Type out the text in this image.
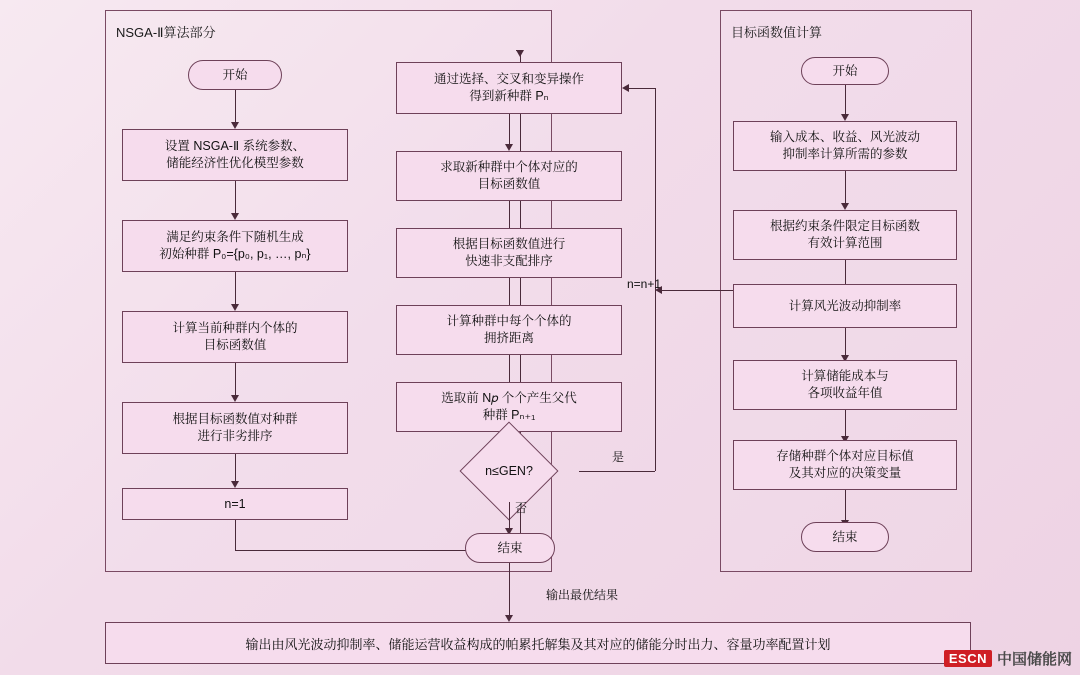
NSGA-Ⅱ算法部分	目标函数值计算
开始
设置 NSGA-Ⅱ 系统参数、
储能经济性优化模型参数
满足约束条件下随机生成
初始种群 P₀={p₀, p₁, …, pₙ}
计算当前种群内个体的
目标函数值
根据目标函数值对种群
进行非劣排序
n=1
通过选择、交叉和变异操作
得到新种群 Pₙ
求取新种群中个体对应的
目标函数值
根据目标函数值进行
快速非支配排序
计算种群中每个个体的
拥挤距离
选取前 N𝑝 个个产生父代
种群 Pₙ₊₁
n≤GEN?
是
n=n+1
否
结束
输出最优结果
开始
输入成本、收益、风光波动
抑制率计算所需的参数
根据约束条件限定目标函数
有效计算范围
计算风光波动抑制率
计算储能成本与
各项收益年值
存储种群个体对应目标值
及其对应的决策变量
结束
输出由风光波动抑制率、储能运营收益构成的帕累托解集及其对应的储能分时出力、容量功率配置计划
ESCN 中国储能网
